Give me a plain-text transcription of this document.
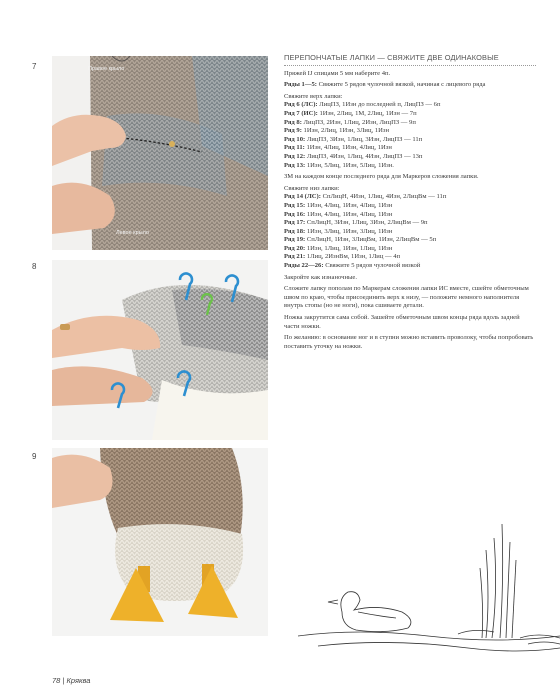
7	Правое крыло
Левое крыло
8
9
ПЕРЕПОНЧАТЫЕ ЛАПКИ — СВЯЖИТЕ ДВЕ ОДИНАКОВЫЕ

Пряжей IJ спицами 5 мм наберите 4п.

Ряды 1—5: Свяжите 5 рядов чулочной вязкой, начиная с лицевого ряда

Свяжите верх лапки:

Ряд 6 (ЛС): ЛицПЗ, 1Изн до последней п, ЛицПЗ — 6п

Ряд 7 (ИС): 1Изн, 2Лиц, 1М, 2Лиц, 1Изн — 7п

Ряд 8: ЛицПЗ, 2Изн, 1Лиц, 2Изн, ЛицПЗ — 9п

Ряд 9: 1Изн, 2Лиц, 1Изн, 3Лиц, 1Изн

Ряд 10: ЛицПЗ, 3Изн, 1Лиц, 3Изн, ЛицПЗ — 11п

Ряд 11: 1Изн, 4Лиц, 1Изн, 4Лиц, 1Изн

Ряд 12: ЛицПЗ, 4Изн, 1Лиц, 4Изн, ЛицПЗ — 13п

Ряд 13: 1Изн, 5Лиц, 1Изн, 5Лиц, 1Изн.

ЗМ на каждом конце последнего ряда для Маркеров сложения лапки.

Свяжите низ лапки:

Ряд 14 (ЛС): СпЛицН, 4Изн, 1Лиц, 4Изн, 2ЛицВм — 11п

Ряд 15: 1Изн, 4Лиц, 1Изн, 4Лиц, 1Изн

Ряд 16: 1Изн, 4Лиц, 1Изн, 4Лиц, 1Изн

Ряд 17: СпЛицН, 3Изн, 1Лиц, 3Изн, 2ЛицВм — 9п

Ряд 18: 1Изн, 3Лиц, 1Изн, 3Лиц, 1Изн

Ряд 19: СпЛицН, 1Изн, 3ЛицВм, 1Изн, 2ЛицВм — 5п

Ряд 20: 1Изн, 1Лиц, 1Изн, 1Лиц, 1Изн

Ряд 21: 1Лиц, 2ИзнВм, 1Изн, 1Лиц — 4п

Ряды 22—26: Свяжите 5 рядов чулочной вязкой

Закройте как изнаночные.

Сложите лапку пополам по Маркерам сложения лапки ИС вместе, сшейте обметочным швом по краю, чтобы присоединить верх к низу, — положите немного наполнителя внутрь стопы (но не ноги), пока сшиваете детали.

Ножка закрутится сама собой. Зашейте обметочным швом концы ряда вдоль задней части ножки.

По желанию: в основание ног и в ступни можно вставить проволоку, чтобы попробовать поставить уточку на ножки.

78 | Кряква
